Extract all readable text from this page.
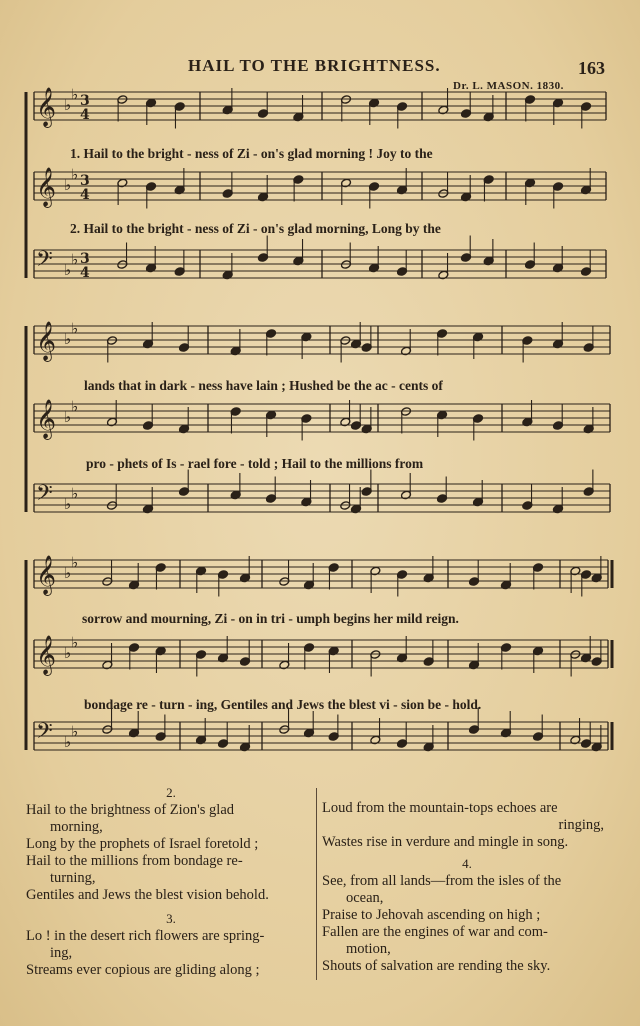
HAIL TO THE BRIGHTNESS.	163
Dr. L. MASON. 1830.
𝄞 ♭
♭ 3
4
𝄞 ♭
♭ 3
4
𝄢 ♭
♭ 3
4
𝄞 ♭
♭
𝄞 ♭
♭
𝄢 ♭
♭
𝄞 ♭
♭
𝄞 ♭
♭
𝄢 ♭
♭
1. Hail to the bright - ness of Zi - on's glad morning ! Joy to the
2. Hail to the bright - ness of Zi - on's glad morning, Long by the
lands that in dark - ness have lain ; Hushed be the ac - cents of
pro - phets of Is - rael fore - told ; Hail to the millions from
sorrow and mourning, Zi - on in tri - umph begins her mild reign.
bondage re - turn - ing, Gentiles and Jews the blest vi - sion be - hold.
2.
Hail to the brightness of Zion's glad
morning,
Long by the prophets of Israel foretold ;
Hail to the millions from bondage re-
turning,
Gentiles and Jews the blest vision behold.
3.
Lo ! in the desert rich flowers are spring-
ing,
Streams ever copious are gliding along ;
Loud from the mountain-tops echoes are
ringing,
Wastes rise in verdure and mingle in song.
4.
See, from all lands—from the isles of the
ocean,
Praise to Jehovah ascending on high ;
Fallen are the engines of war and com-
motion,
Shouts of salvation are rending the sky.
